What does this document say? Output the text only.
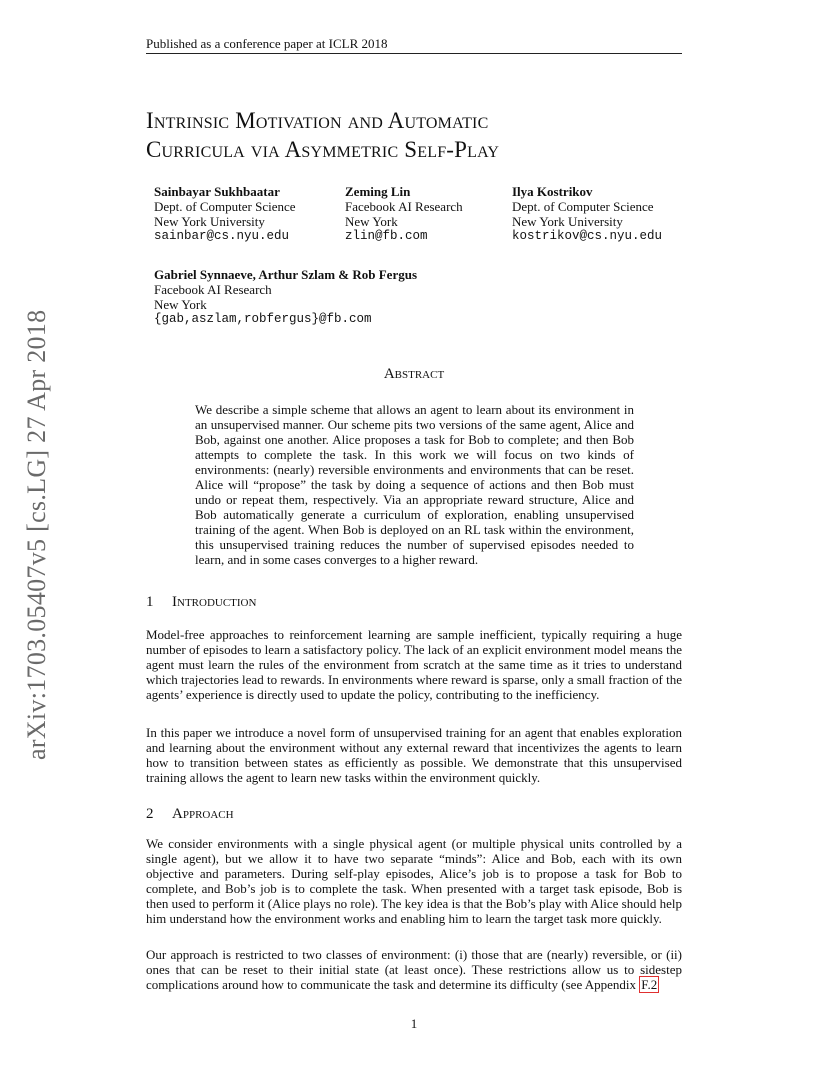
Published as a conference paper at ICLR 2018
Intrinsic Motivation and Automatic
Curricula via Asymmetric Self-Play
Sainbayar Sukhbaatar
Dept. of Computer Science
New York University
sainbar@cs.nyu.edu
Zeming Lin
Facebook AI Research
New York
zlin@fb.com
Ilya Kostrikov
Dept. of Computer Science
New York University
kostrikov@cs.nyu.edu
Gabriel Synnaeve, Arthur Szlam & Rob Fergus
Facebook AI Research
New York
{gab,aszlam,robfergus}@fb.com
Abstract
We describe a simple scheme that allows an agent to learn about its environment in an unsupervised manner. Our scheme pits two versions of the same agent, Alice and Bob, against one another. Alice proposes a task for Bob to complete; and then Bob attempts to complete the task. In this work we will focus on two kinds of environments: (nearly) reversible environments and environments that can be reset. Alice will “propose” the task by doing a sequence of actions and then Bob must undo or repeat them, respectively. Via an appropriate reward structure, Alice and Bob automatically generate a curriculum of exploration, enabling unsupervised training of the agent. When Bob is deployed on an RL task within the environment, this unsupervised training reduces the number of supervised episodes needed to learn, and in some cases converges to a higher reward.
1 Introduction
Model-free approaches to reinforcement learning are sample inefficient, typically requiring a huge number of episodes to learn a satisfactory policy. The lack of an explicit environment model means the agent must learn the rules of the environment from scratch at the same time as it tries to understand which trajectories lead to rewards. In environments where reward is sparse, only a small fraction of the agents’ experience is directly used to update the policy, contributing to the inefficiency.
In this paper we introduce a novel form of unsupervised training for an agent that enables exploration and learning about the environment without any external reward that incentivizes the agents to learn how to transition between states as efficiently as possible. We demonstrate that this unsupervised training allows the agent to learn new tasks within the environment quickly.
2 Approach
We consider environments with a single physical agent (or multiple physical units controlled by a single agent), but we allow it to have two separate “minds”: Alice and Bob, each with its own objective and parameters. During self-play episodes, Alice’s job is to propose a task for Bob to complete, and Bob’s job is to complete the task. When presented with a target task episode, Bob is then used to perform it (Alice plays no role). The key idea is that the Bob’s play with Alice should help him understand how the environment works and enabling him to learn the target task more quickly.
Our approach is restricted to two classes of environment: (i) those that are (nearly) reversible, or (ii) ones that can be reset to their initial state (at least once). These restrictions allow us to sidestep complications around how to communicate the task and determine its difficulty (see Appendix F.2
1
arXiv:1703.05407v5 [cs.LG] 27 Apr 2018
